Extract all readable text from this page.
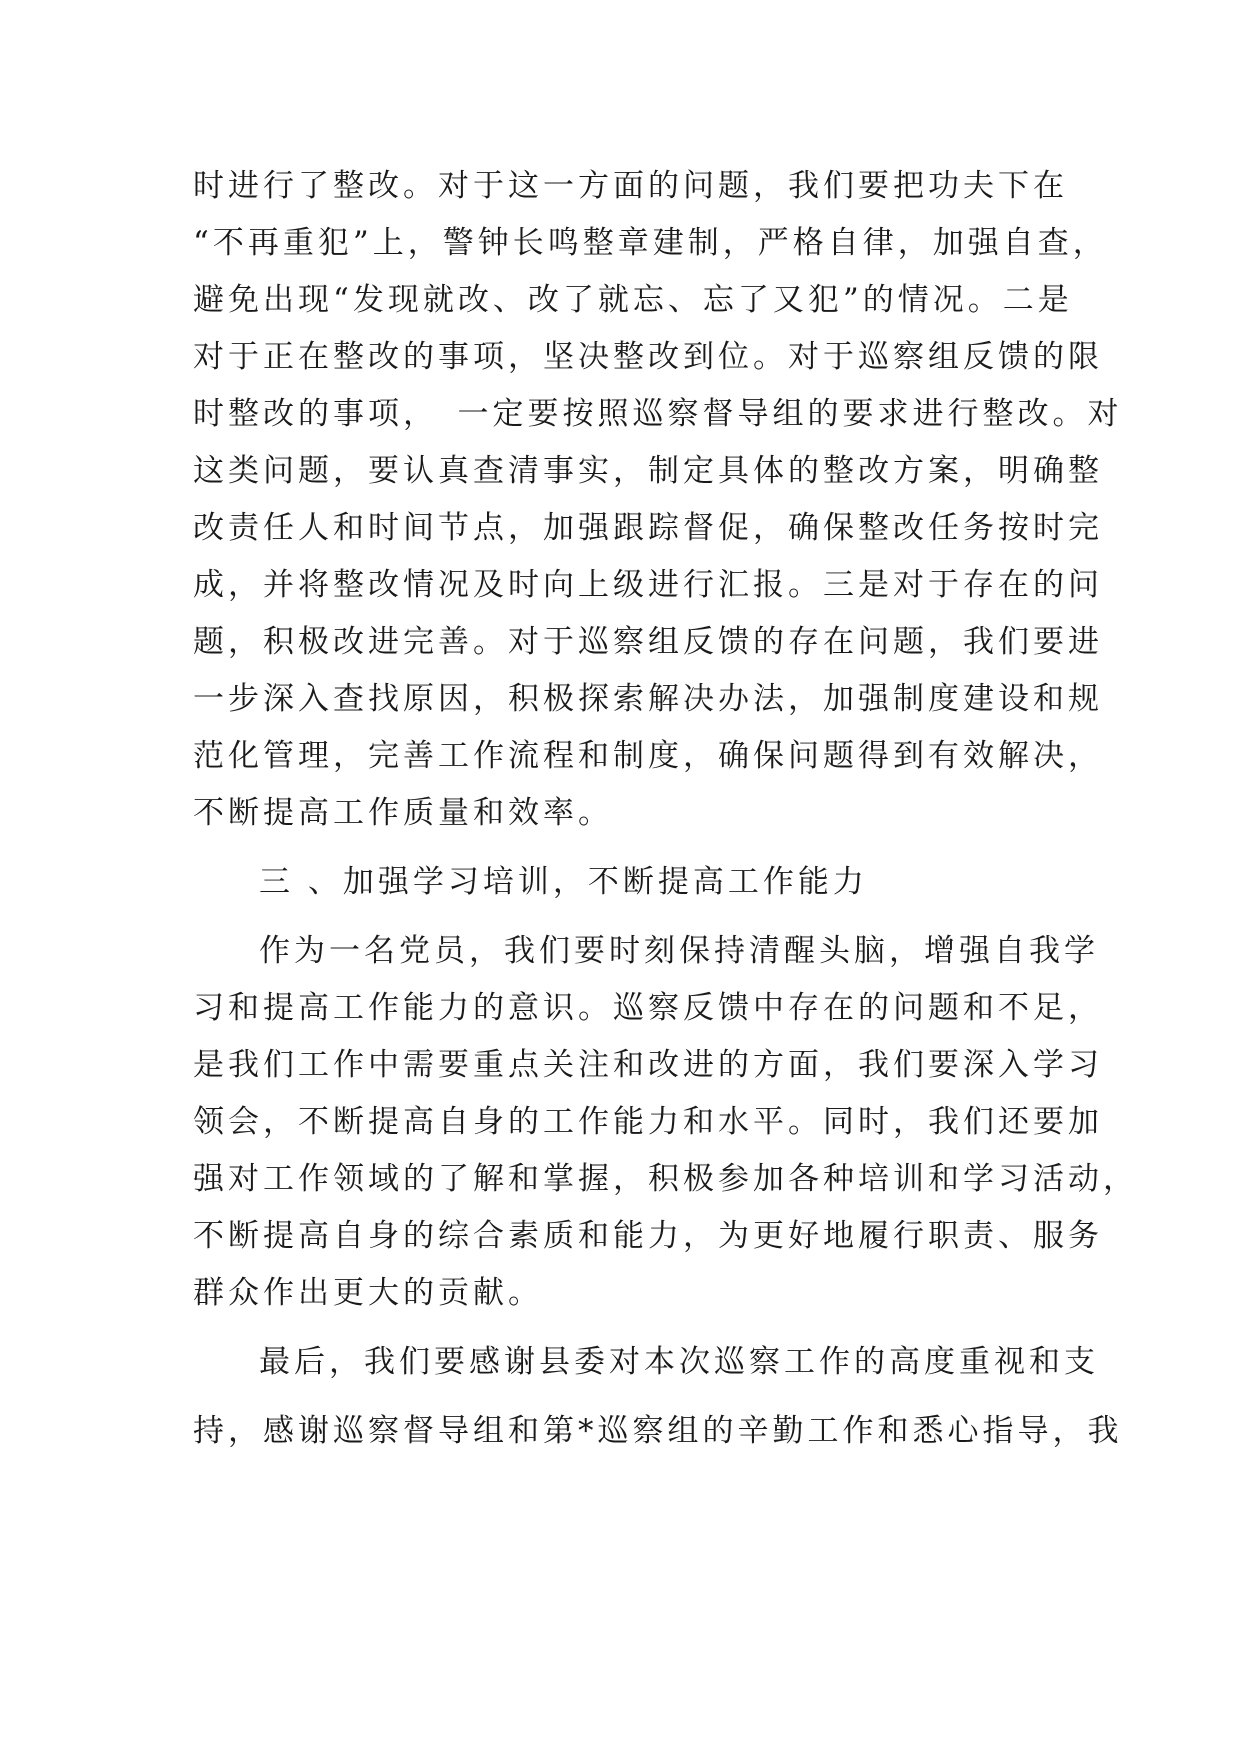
时进行了整改。对于这一方面的问题，我们要把功夫下在
“不再重犯”上，警钟长鸣整章建制，严格自律，加强自查，
避免出现“发现就改、改了就忘、忘了又犯”的情况。二是
对于正在整改的事项，坚决整改到位。对于巡察组反馈的限
时整改的事项，　一定要按照巡察督导组的要求进行整改。对
这类问题，要认真查清事实，制定具体的整改方案，明确整
改责任人和时间节点，加强跟踪督促，确保整改任务按时完
成，并将整改情况及时向上级进行汇报。三是对于存在的问
题，积极改进完善。对于巡察组反馈的存在问题，我们要进
一步深入查找原因，积极探索解决办法，加强制度建设和规
范化管理，完善工作流程和制度，确保问题得到有效解决，
不断提高工作质量和效率。
三 、加强学习培训，不断提高工作能力
作为一名党员，我们要时刻保持清醒头脑，增强自我学
习和提高工作能力的意识。巡察反馈中存在的问题和不足，
是我们工作中需要重点关注和改进的方面，我们要深入学习
领会，不断提高自身的工作能力和水平。同时，我们还要加
强对工作领域的了解和掌握，积极参加各种培训和学习活动，
不断提高自身的综合素质和能力，为更好地履行职责、服务
群众作出更大的贡献。
最后，我们要感谢县委对本次巡察工作的高度重视和支
持，感谢巡察督导组和第*巡察组的辛勤工作和悉心指导，我
